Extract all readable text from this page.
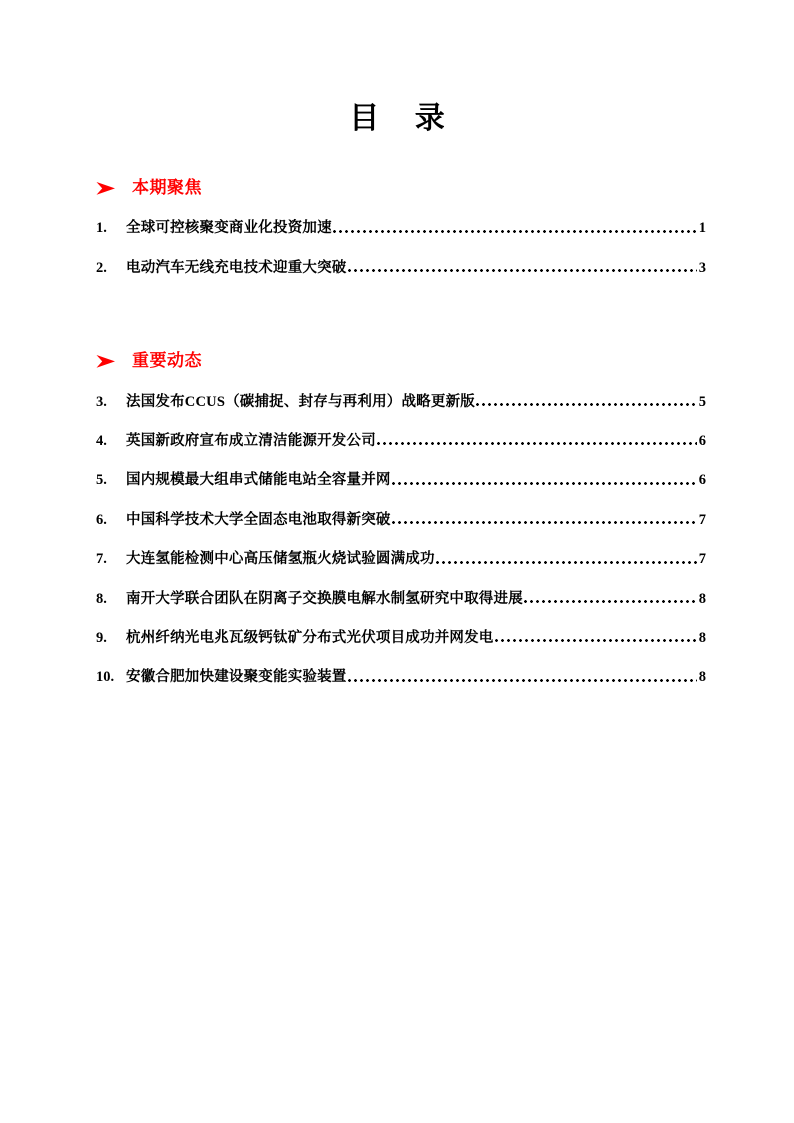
目 录
本期聚焦
1.	全球可控核聚变商业化投资加速	1
2.	电动汽车无线充电技术迎重大突破	3
重要动态
3.	法国发布CCUS（碳捕捉、封存与再利用）战略更新版	5
4.	英国新政府宣布成立清洁能源开发公司	6
5.	国内规模最大组串式储能电站全容量并网	6
6.	中国科学技术大学全固态电池取得新突破	7
7.	大连氢能检测中心高压储氢瓶火烧试验圆满成功	7
8.	南开大学联合团队在阴离子交换膜电解水制氢研究中取得进展	8
9.	杭州纤纳光电兆瓦级钙钛矿分布式光伏项目成功并网发电	8
10. 安徽合肥加快建设聚变能实验装置	8
